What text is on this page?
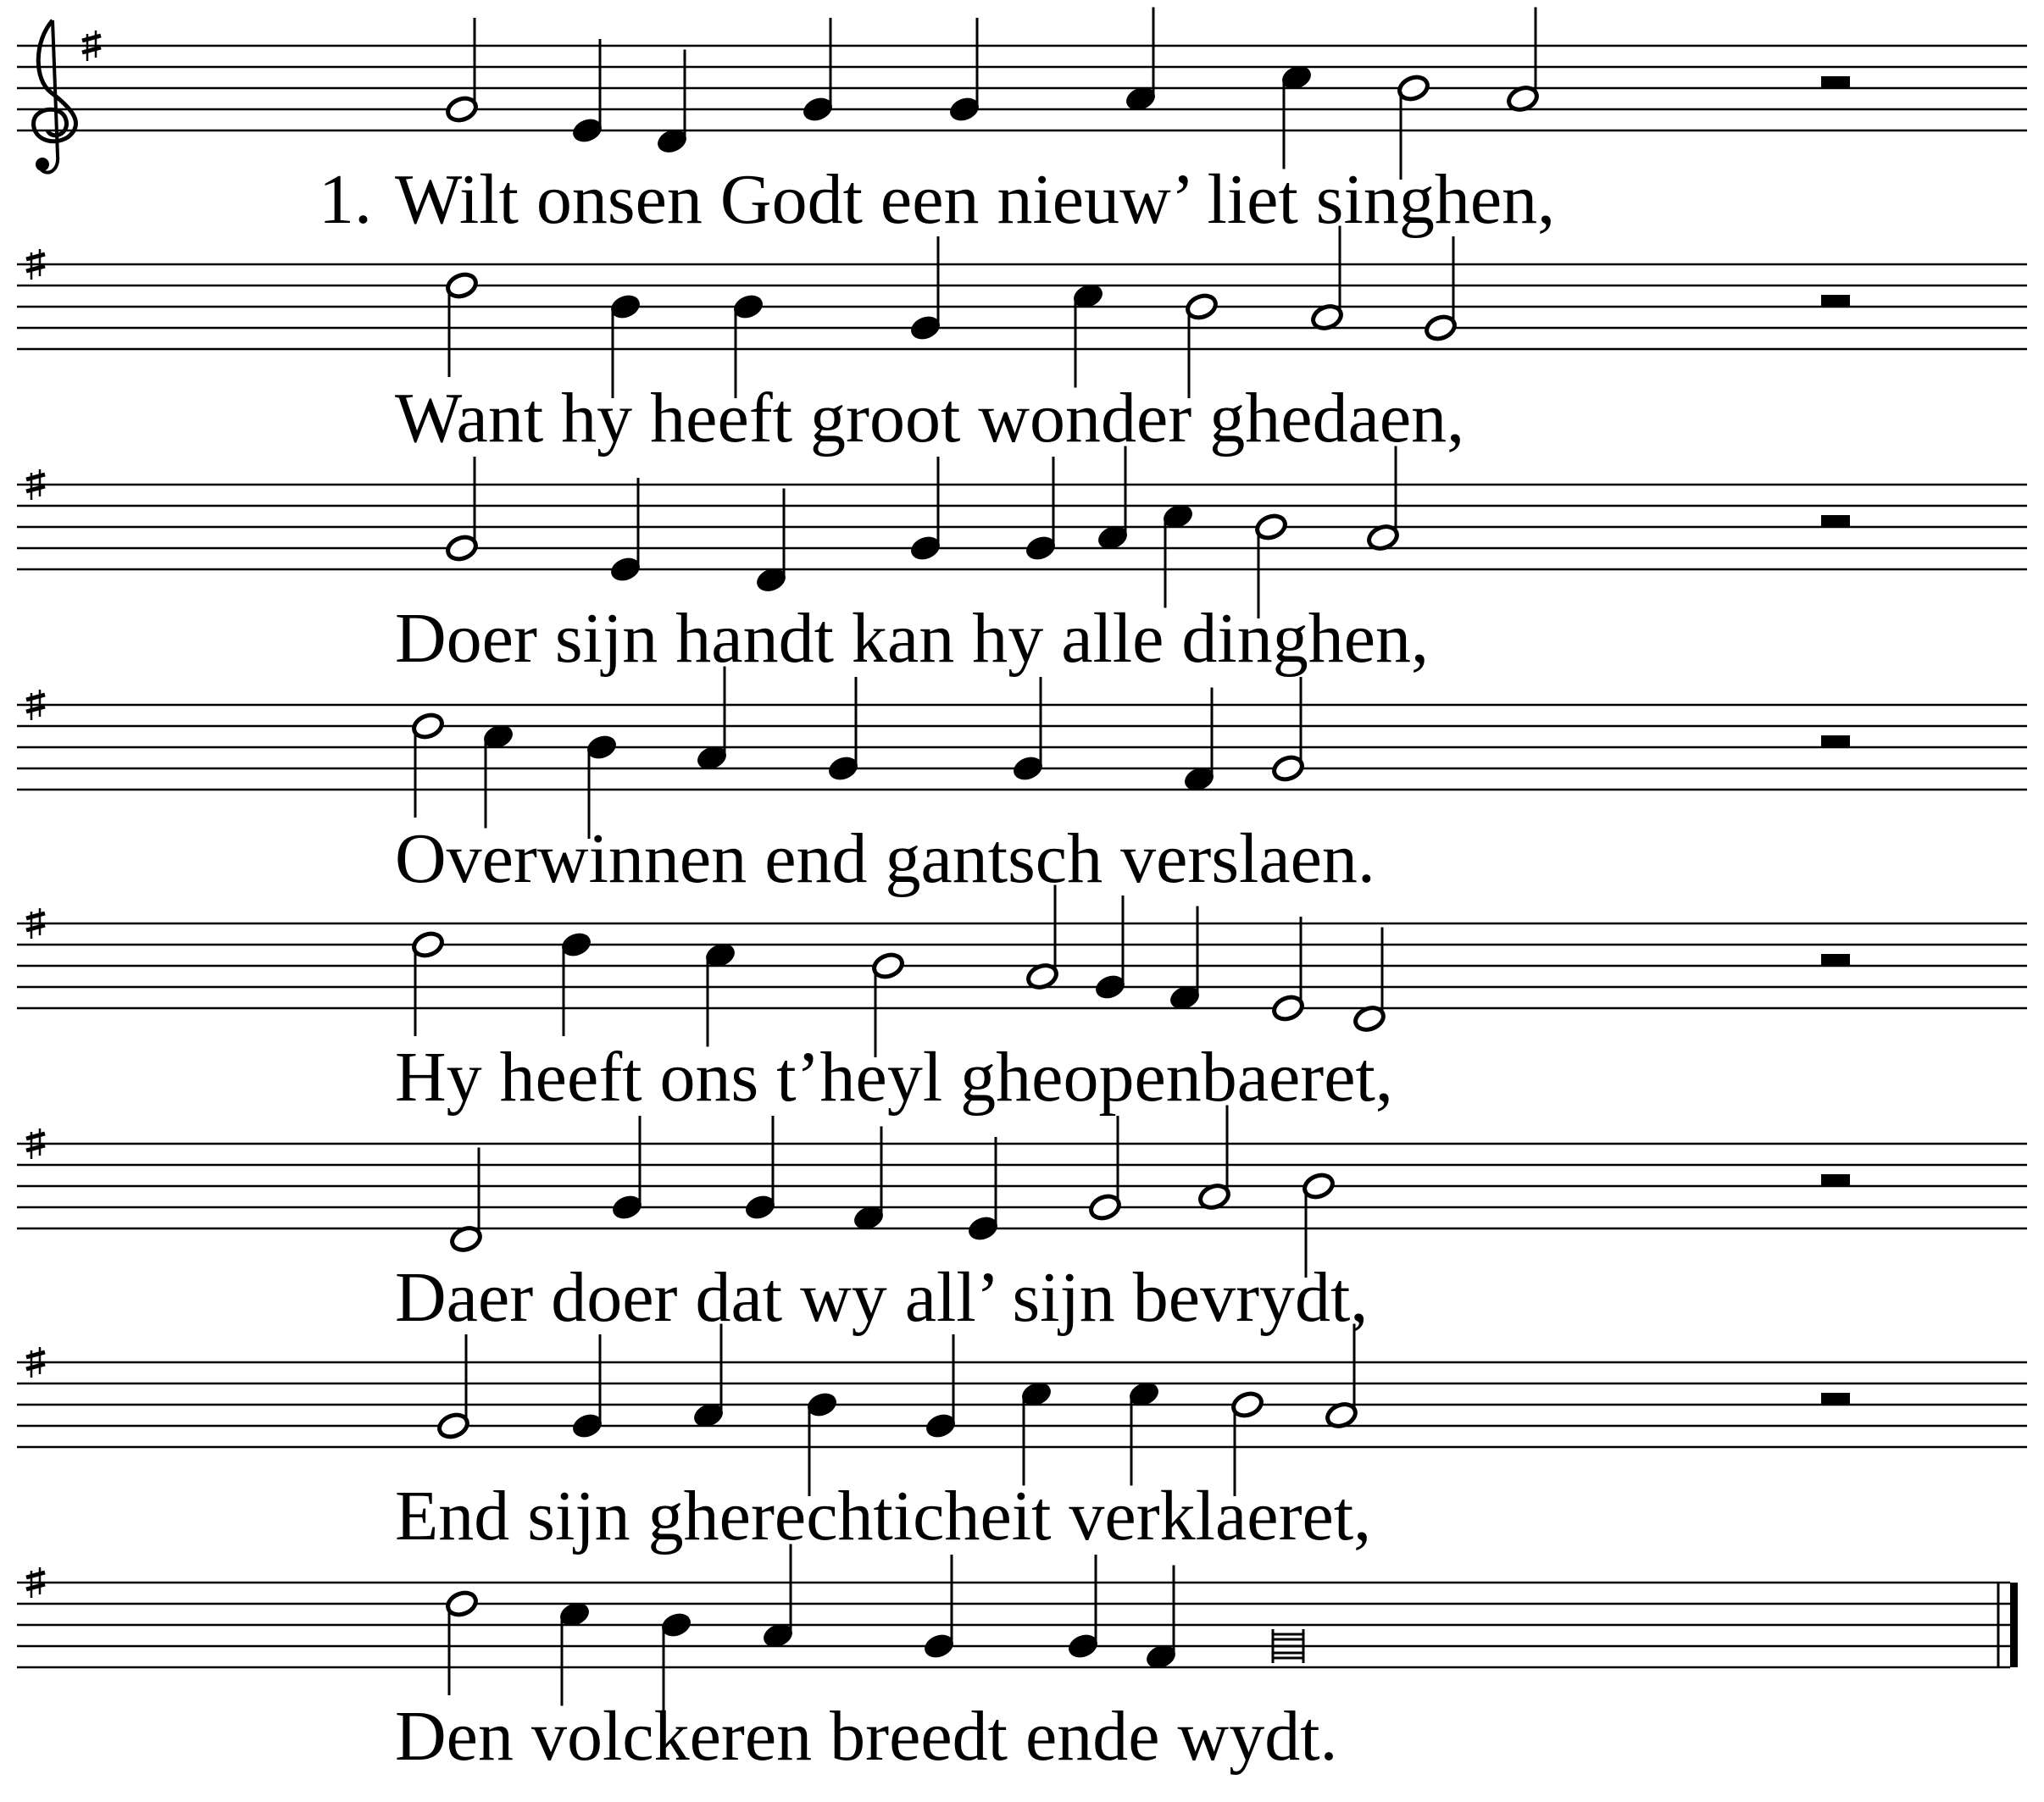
1. Wilt onsen Godt een nieuw’ liet singhen,
Want hy heeft groot wonder ghedaen,
Doer sijn handt kan hy alle dinghen,
Overwinnen end gantsch verslaen.
Hy heeft ons t’heyl gheopenbaeret,
Daer doer dat wy all’ sijn bevrydt,
End sijn gherechticheit verklaeret,
Den volckeren breedt ende wydt.
